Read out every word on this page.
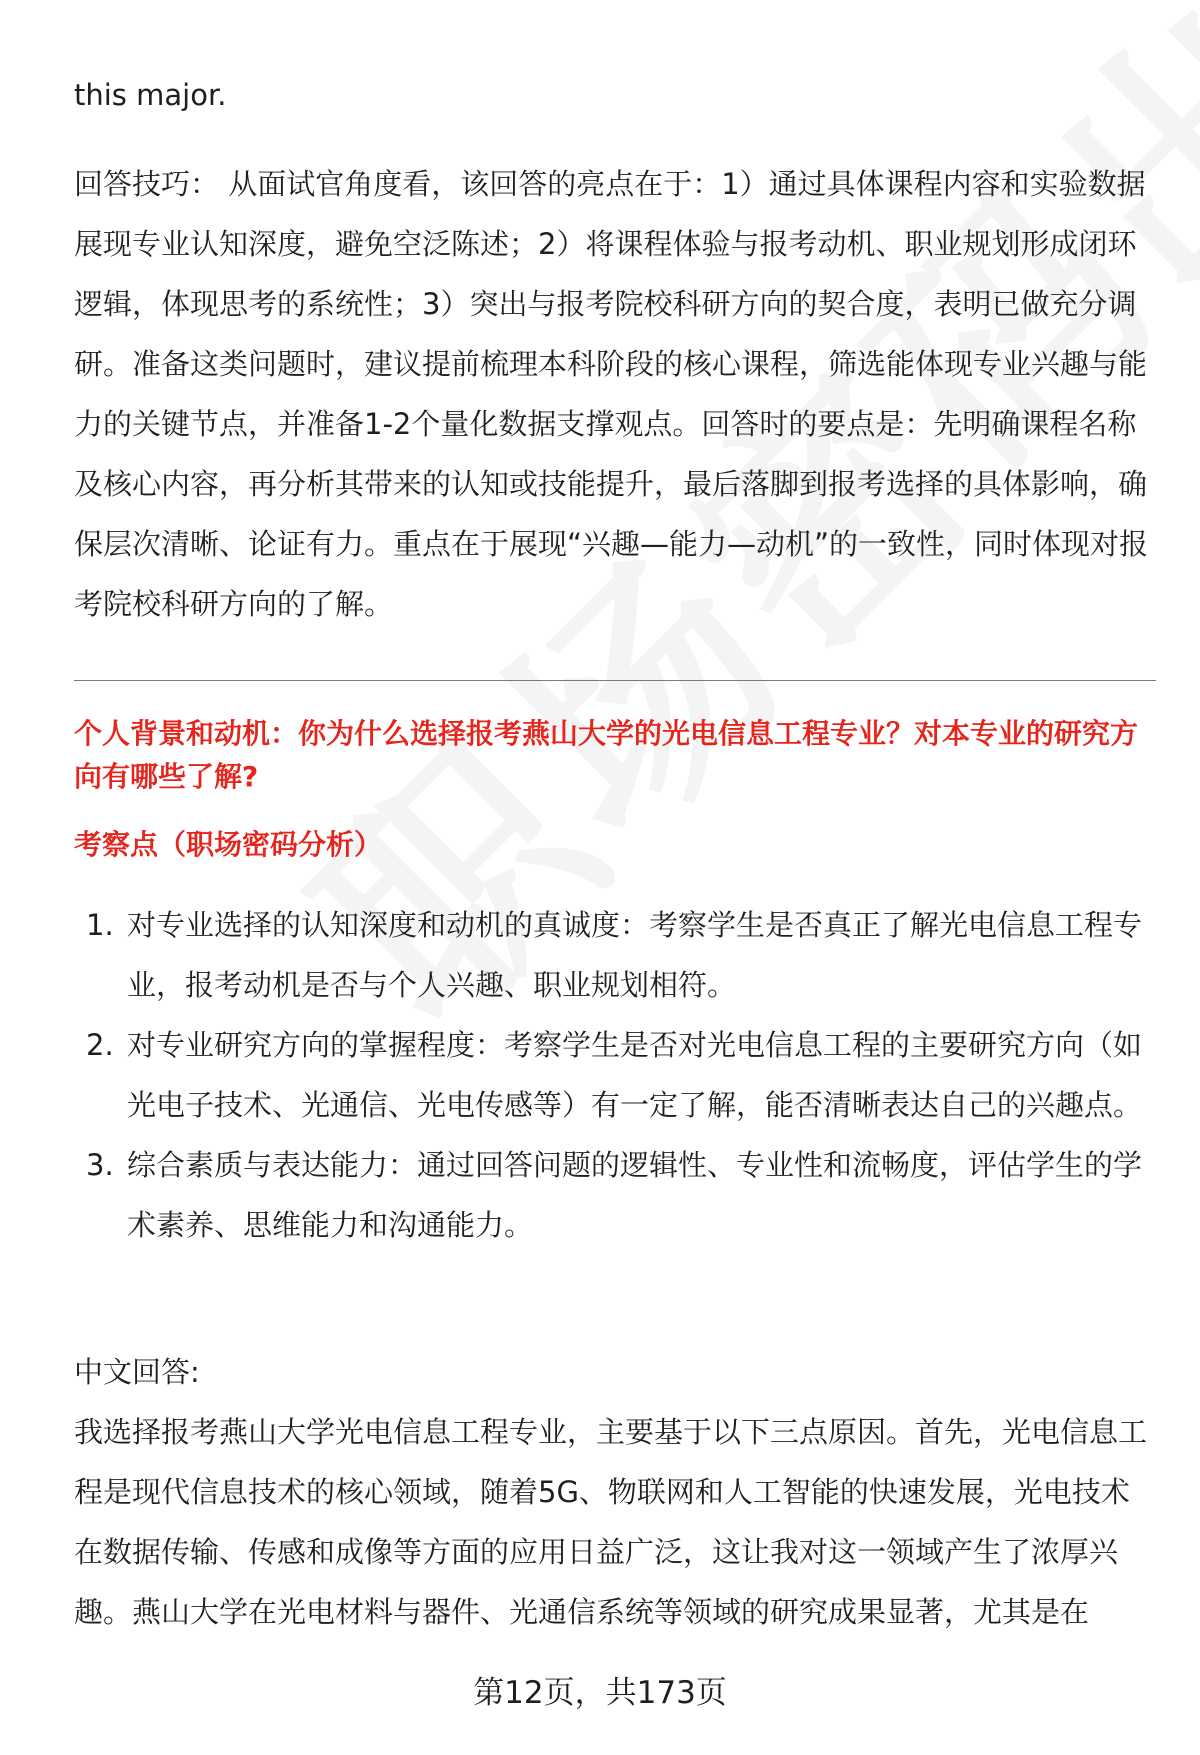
this major.

回答技巧： 从面试官角度看，该回答的亮点在于：1）通过具体课程内容和实验数据展现专业认知深度，避免空泛陈述；2）将课程体验与报考动机、职业规划形成闭环逻辑，体现思考的系统性；3）突出与报考院校科研方向的契合度，表明已做充分调研。准备这类问题时，建议提前梳理本科阶段的核心课程，筛选能体现专业兴趣与能力的关键节点，并准备1-2个量化数据支撑观点。回答时的要点是：先明确课程名称及核心内容，再分析其带来的认知或技能提升，最后落脚到报考选择的具体影响，确保层次清晰、论证有力。重点在于展现“兴趣—能力—动机”的一致性，同时体现对报考院校科研方向的了解。

个人背景和动机：你为什么选择报考燕山大学的光电信息工程专业？对本专业的研究方向有哪些了解?

考察点（职场密码分析）

1. 对专业选择的认知深度和动机的真诚度：考察学生是否真正了解光电信息工程专业，报考动机是否与个人兴趣、职业规划相符。
2. 对专业研究方向的掌握程度：考察学生是否对光电信息工程的主要研究方向（如光电子技术、光通信、光电传感等）有一定了解，能否清晰表达自己的兴趣点。
3. 综合素质与表达能力：通过回答问题的逻辑性、专业性和流畅度，评估学生的学术素养、思维能力和沟通能力。

中文回答:

我选择报考燕山大学光电信息工程专业，主要基于以下三点原因。首先，光电信息工程是现代信息技术的核心领域，随着5G、物联网和人工智能的快速发展，光电技术在数据传输、传感和成像等方面的应用日益广泛，这让我对这一领域产生了浓厚兴趣。燕山大学在光电材料与器件、光通信系统等领域的研究成果显著，尤其是在

第12页，共173页
